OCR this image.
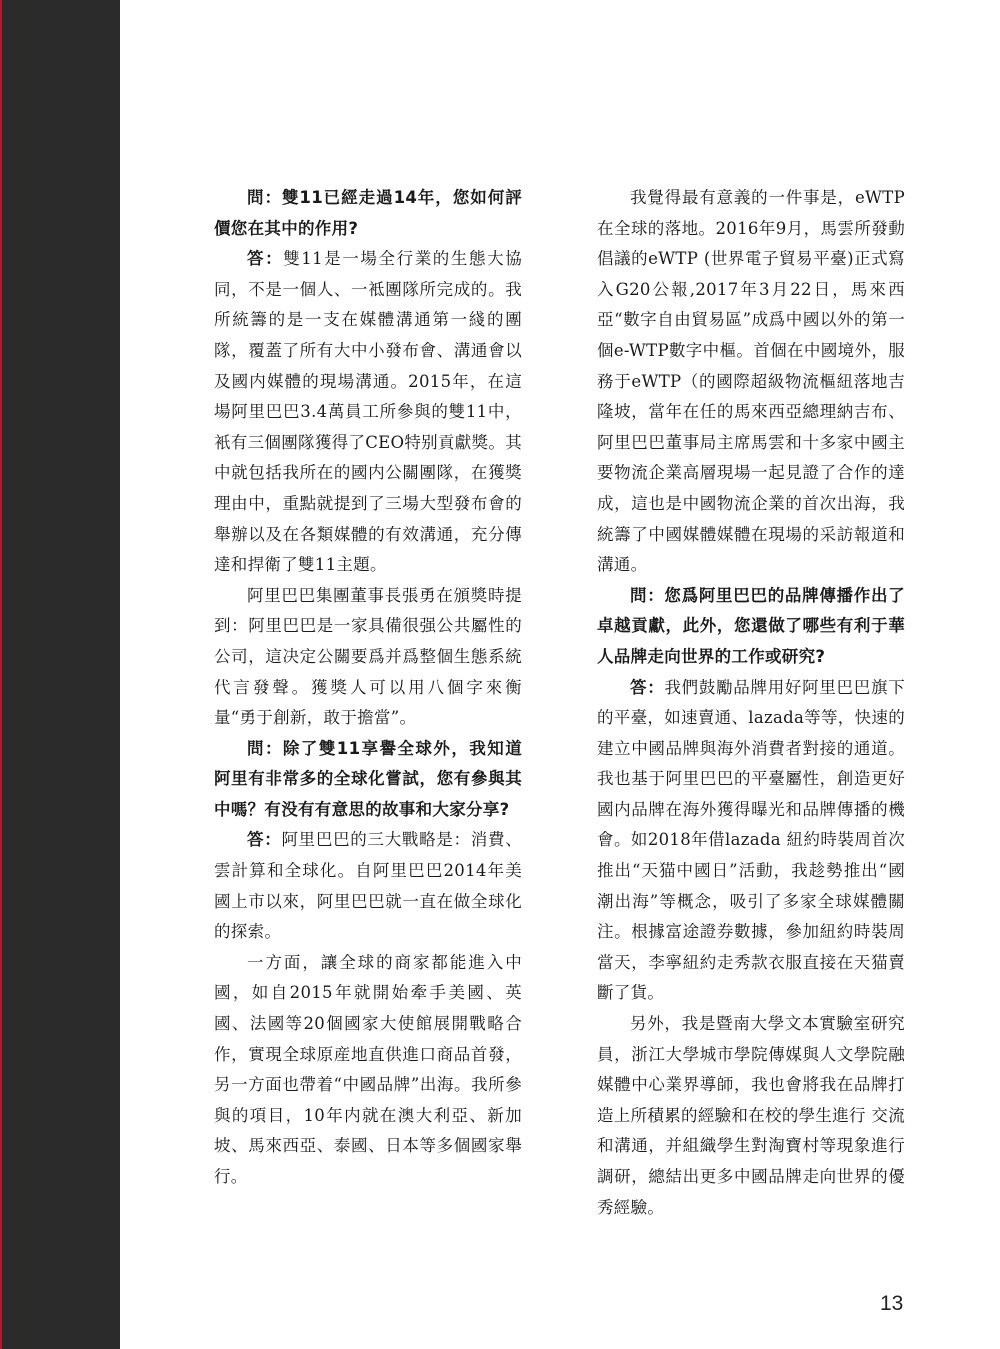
問：雙11已經走過14年，您如何評價您在其中的作用?

答：雙11是一場全行業的生態大協同，不是一個人、一袛團隊所完成的。我所統籌的是一支在媒體溝通第一綫的團隊，覆蓋了所有大中小發布會、溝通會以及國内媒體的現場溝通。2015年，在這場阿里巴巴3.4萬員工所參與的雙11中，衹有三個團隊獲得了CEO特别貢獻獎。其中就包括我所在的國内公關團隊，在獲獎理由中，重點就提到了三場大型發布會的舉辦以及在各類媒體的有效溝通，充分傳達和捍衛了雙11主題。

阿里巴巴集團董事長張勇在頒獎時提到：阿里巴巴是一家具備很强公共屬性的公司，這决定公關要爲并爲整個生態系統代言發聲。獲獎人可以用八個字來衡量“勇于創新，敢于擔當”。

問：除了雙11享譽全球外，我知道阿里有非常多的全球化嘗試，您有參與其中嗎？有没有有意思的故事和大家分享?

答：阿里巴巴的三大戰略是：消費、雲計算和全球化。自阿里巴巴2014年美國上市以來，阿里巴巴就一直在做全球化的探索。

一方面，讓全球的商家都能進入中國，如自2015年就開始牽手美國、英國、法國等20個國家大使館展開戰略合作，實現全球原産地直供進口商品首發，另一方面也帶着“中國品牌”出海。我所參與的項目，10年内就在澳大利亞、新加坡、馬來西亞、泰國、日本等多個國家舉行。

我覺得最有意義的一件事是，eWTP在全球的落地。2016年9月，馬雲所發動倡議的eWTP (世界電子貿易平臺)正式寫入G20公報,2017年3月22日，馬來西亞“數字自由貿易區”成爲中國以外的第一個e-WTP數字中樞。首個在中國境外，服務于eWTP（的國際超級物流樞紐落地吉隆坡，當年在任的馬來西亞總理納吉布、阿里巴巴董事局主席馬雲和十多家中國主要物流企業高層現場一起見證了合作的達成，這也是中國物流企業的首次出海，我統籌了中國媒體媒體在現場的采訪報道和溝通。

問：您爲阿里巴巴的品牌傳播作出了卓越貢獻，此外，您還做了哪些有利于華人品牌走向世界的工作或研究?

答：我們鼓勵品牌用好阿里巴巴旗下的平臺，如速賣通、lazada等等，快速的建立中國品牌與海外消費者對接的通道。我也基于阿里巴巴的平臺屬性，創造更好國内品牌在海外獲得曝光和品牌傳播的機會。如2018年借lazada 紐約時裝周首次推出“天猫中國日”活動，我趁勢推出“國潮出海”等概念，吸引了多家全球媒體關注。根據富途證券數據，參加紐約時裝周當天，李寧紐約走秀款衣服直接在天猫賣斷了貨。

另外，我是暨南大學文本實驗室研究員，浙江大學城市學院傳媒與人文學院融媒體中心業界導師，我也會將我在品牌打造上所積累的經驗和在校的學生進行 交流和溝通，并組織學生對淘寶村等現象進行調研，總結出更多中國品牌走向世界的優秀經驗。

13
